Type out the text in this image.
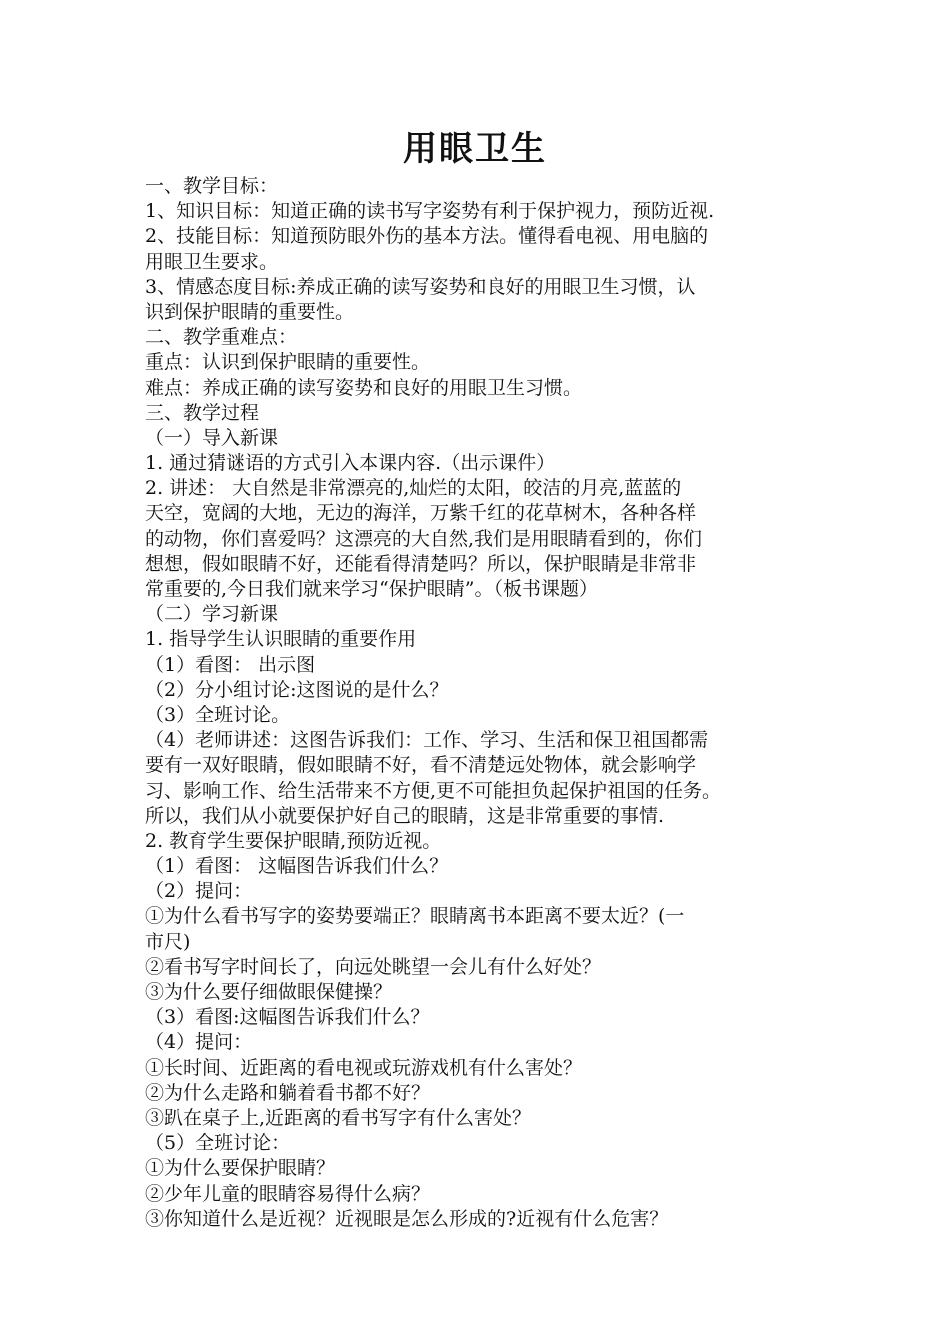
用眼卫生
一、教学目标：
1、知识目标：知道正确的读书写字姿势有利于保护视力，预防近视.
2、技能目标：知道预防眼外伤的基本方法。懂得看电视、用电脑的
用眼卫生要求。
3、情感态度目标:养成正确的读写姿势和良好的用眼卫生习惯，认
识到保护眼睛的重要性。
二、教学重难点：
重点：认识到保护眼睛的重要性。
难点：养成正确的读写姿势和良好的用眼卫生习惯。
三、教学过程
（一）导入新课
1. 通过猜谜语的方式引入本课内容.（出示课件）
2. 讲述： 大自然是非常漂亮的,灿烂的太阳，皎洁的月亮,蓝蓝的
天空，宽阔的大地，无边的海洋，万紫千红的花草树木，各种各样
的动物，你们喜爱吗？这漂亮的大自然,我们是用眼睛看到的，你们
想想，假如眼睛不好，还能看得清楚吗？所以，保护眼睛是非常非
常重要的,今日我们就来学习“保护眼睛”。（板书课题）
（二）学习新课
1. 指导学生认识眼睛的重要作用
（1）看图： 出示图
（2）分小组讨论:这图说的是什么？
（3）全班讨论。
（4）老师讲述：这图告诉我们：工作、学习、生活和保卫祖国都需
要有一双好眼睛，假如眼睛不好，看不清楚远处物体，就会影响学
习、影响工作、给生活带来不方便,更不可能担负起保护祖国的任务。
所以，我们从小就要保护好自己的眼睛，这是非常重要的事情.
2. 教育学生要保护眼睛,预防近视。
（1）看图： 这幅图告诉我们什么？
（2）提问：
①为什么看书写字的姿势要端正？眼睛离书本距离不要太近？(一
市尺)
②看书写字时间长了，向远处眺望一会儿有什么好处？
③为什么要仔细做眼保健操？
（3）看图:这幅图告诉我们什么？
（4）提问：
①长时间、近距离的看电视或玩游戏机有什么害处？
②为什么走路和躺着看书都不好？
③趴在桌子上,近距离的看书写字有什么害处？
（5）全班讨论：
①为什么要保护眼睛？
②少年儿童的眼睛容易得什么病？
③你知道什么是近视？近视眼是怎么形成的?近视有什么危害？
